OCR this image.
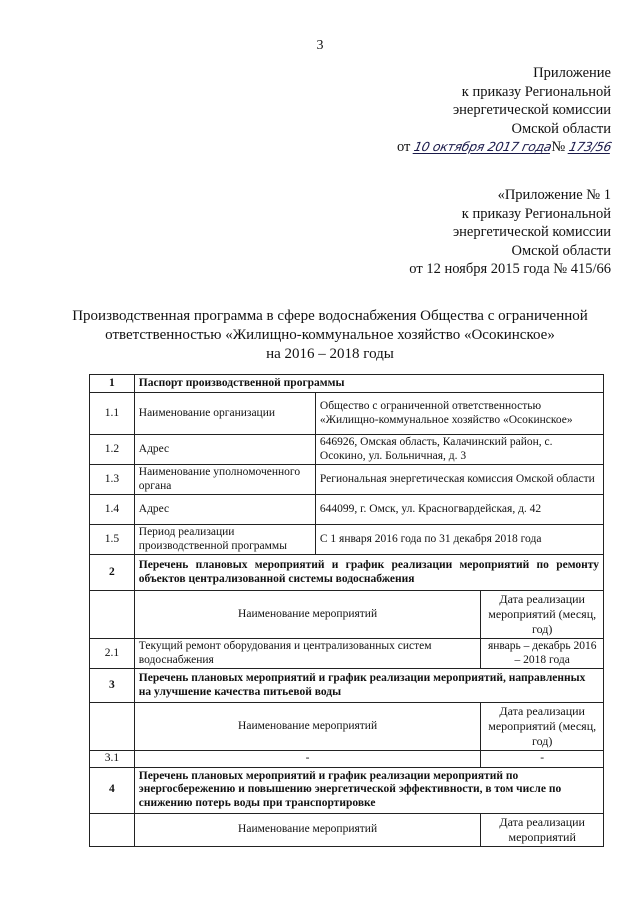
3
Приложение
к приказу Региональной
энергетической комиссии
Омской области
от 10 октября 2017 года№ 173/56
«Приложение № 1
к приказу Региональной
энергетической комиссии
Омской области
от 12 ноября 2015 года № 415/66
Производственная программа в сфере водоснабжения Общества с ограниченной
ответственностью «Жилищно-коммунальное хозяйство «Осокинское»
на 2016 – 2018 годы
1	Паспорт производственной программы		
1.1	Наименование организации	Общество с ограниченной ответственностью «Жилищно-коммунальное хозяйство «Осокинское»	
1.2	Адрес	646926, Омская область, Калачинский район, с. Осокино, ул. Больничная, д. 3	
1.3	Наименование уполномоченного органа	Региональная энергетическая комиссия Омской области	
1.4	Адрес	644099, г. Омск, ул. Красногвардейская, д. 42	
1.5	Период реализации производственной программы	С 1 января 2016 года по 31 декабря 2018 года	
2	Перечень плановых мероприятий и график реализации мероприятий по ремонту объектов централизованной системы водоснабжения		
	Наименование мероприятий		Дата реализации мероприятий (месяц, год)
2.1	Текущий ремонт оборудования и централизованных систем водоснабжения		январь – декабрь 2016 – 2018 года
3	Перечень плановых мероприятий и график реализации мероприятий, направленных на улучшение качества питьевой воды		
	Наименование мероприятий		Дата реализации мероприятий (месяц, год)
3.1	-		-
4	Перечень плановых мероприятий и график реализации мероприятий по энергосбережению и повышению энергетической эффективности, в том числе по снижению потерь воды при транспортировке		
	Наименование мероприятий		Дата реализации мероприятий
